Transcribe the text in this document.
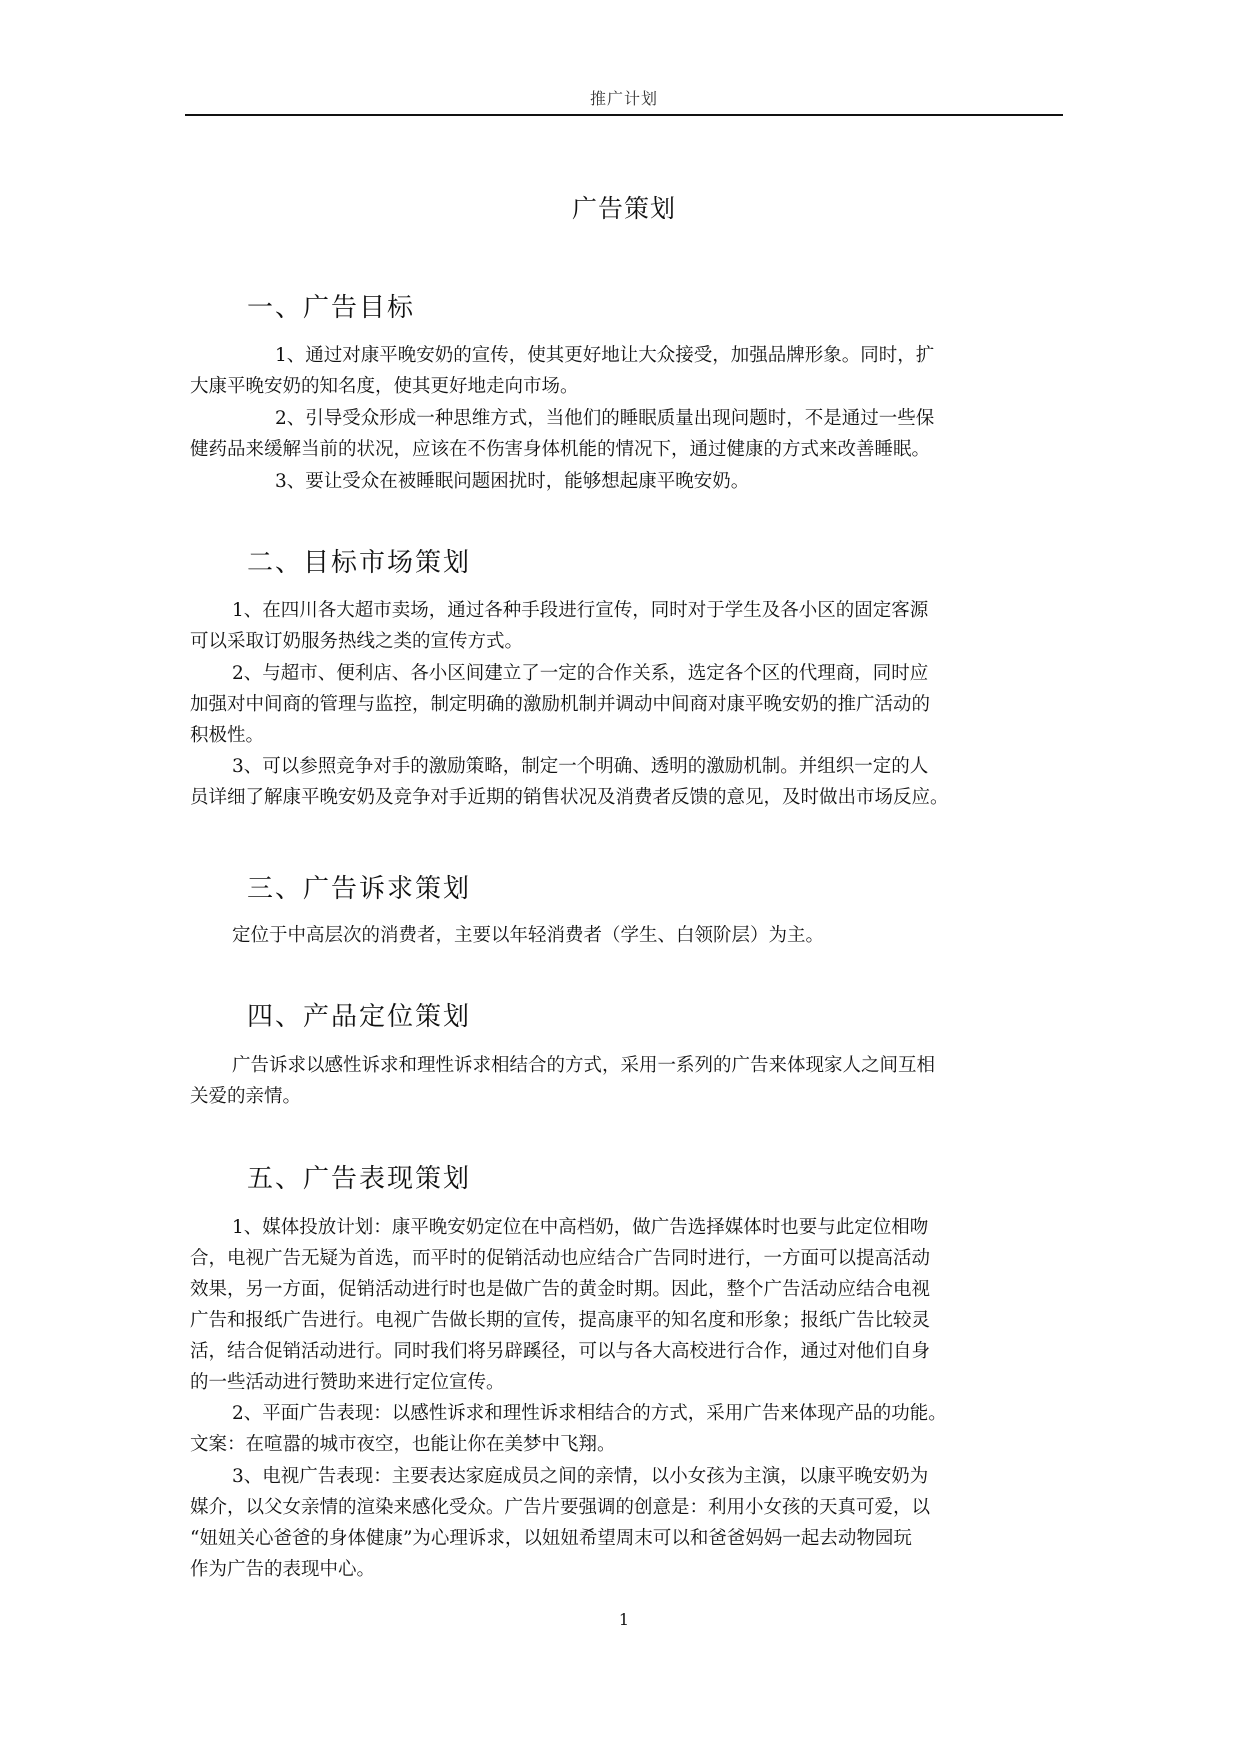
推广计划
广告策划
一、广告目标

1、通过对康平晚安奶的宣传，使其更好地让大众接受，加强品牌形象。同时，扩
大康平晚安奶的知名度，使其更好地走向市场。

2、引导受众形成一种思维方式，当他们的睡眠质量出现问题时，不是通过一些保
健药品来缓解当前的状况，应该在不伤害身体机能的情况下，通过健康的方式来改善睡眠。

3、要让受众在被睡眠问题困扰时，能够想起康平晚安奶。

二、目标市场策划

1、在四川各大超市卖场，通过各种手段进行宣传，同时对于学生及各小区的固定客源
可以采取订奶服务热线之类的宣传方式。

2、与超市、便利店、各小区间建立了一定的合作关系，选定各个区的代理商，同时应
加强对中间商的管理与监控，制定明确的激励机制并调动中间商对康平晚安奶的推广活动的
积极性。

3、可以参照竞争对手的激励策略，制定一个明确、透明的激励机制。并组织一定的人
员详细了解康平晚安奶及竞争对手近期的销售状况及消费者反馈的意见，及时做出市场反应。

三、广告诉求策划

定位于中高层次的消费者，主要以年轻消费者（学生、白领阶层）为主。

四、产品定位策划

广告诉求以感性诉求和理性诉求相结合的方式，采用一系列的广告来体现家人之间互相
关爱的亲情。

五、广告表现策划

1、媒体投放计划：康平晚安奶定位在中高档奶，做广告选择媒体时也要与此定位相吻
合，电视广告无疑为首选，而平时的促销活动也应结合广告同时进行，一方面可以提高活动
效果，另一方面，促销活动进行时也是做广告的黄金时期。因此，整个广告活动应结合电视
广告和报纸广告进行。电视广告做长期的宣传，提高康平的知名度和形象；报纸广告比较灵
活，结合促销活动进行。同时我们将另辟蹊径，可以与各大高校进行合作，通过对他们自身
的一些活动进行赞助来进行定位宣传。

2、平面广告表现：以感性诉求和理性诉求相结合的方式，采用广告来体现产品的功能。
文案：在喧嚣的城市夜空，也能让你在美梦中飞翔。

3、电视广告表现：主要表达家庭成员之间的亲情，以小女孩为主演，以康平晚安奶为
媒介，以父女亲情的渲染来感化受众。广告片要强调的创意是：利用小女孩的天真可爱，以
“妞妞关心爸爸的身体健康”为心理诉求，以妞妞希望周末可以和爸爸妈妈一起去动物园玩
作为广告的表现中心。

1
